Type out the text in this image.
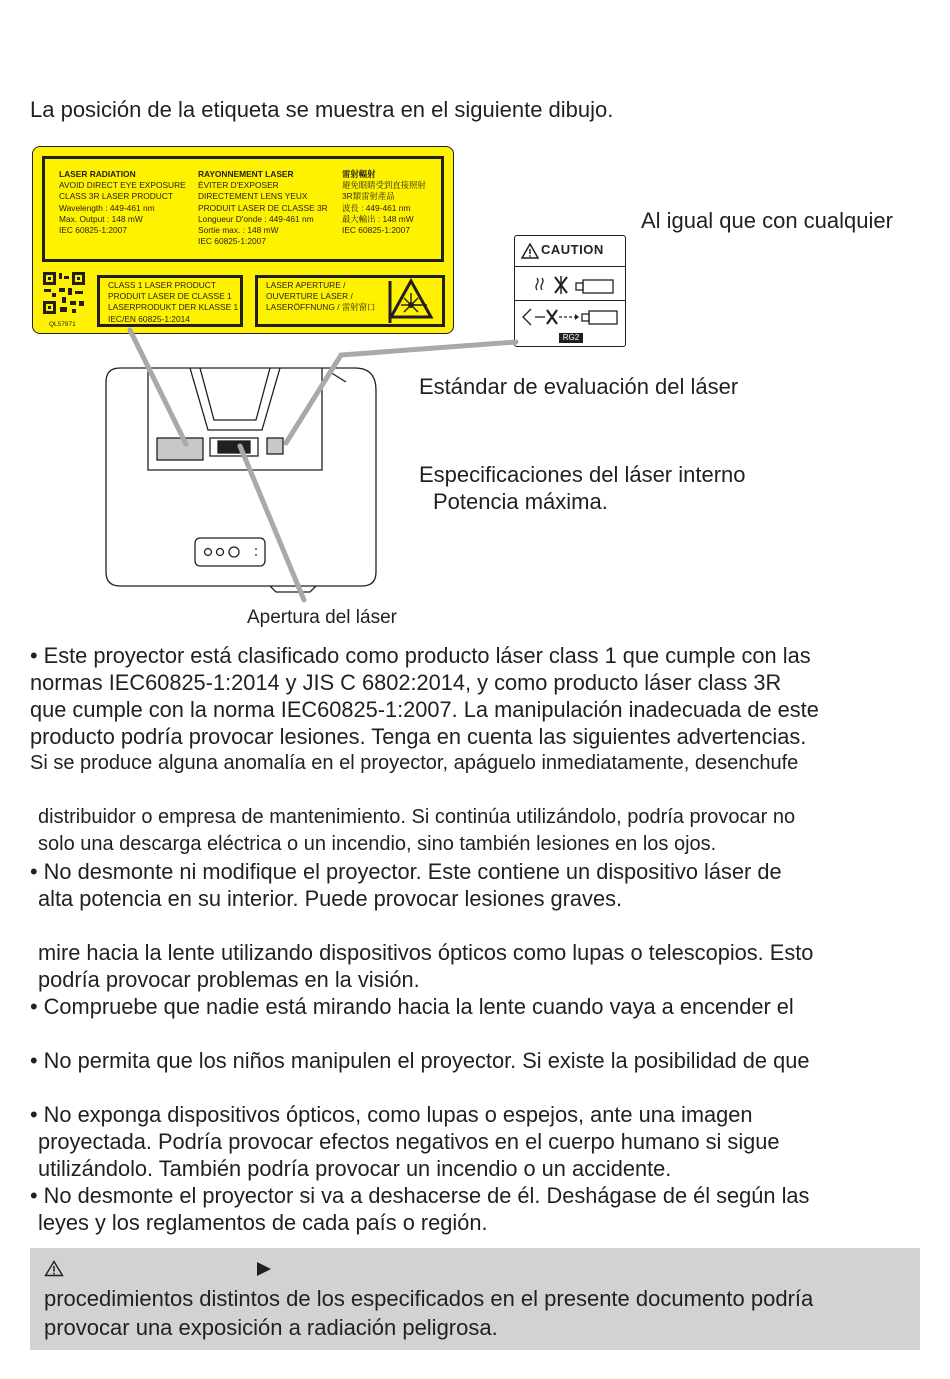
La posición de la etiqueta se muestra en el siguiente dibujo.
LASER RADIATION
AVOID DIRECT EYE EXPOSURE
CLASS 3R LASER PRODUCT
Wavelength : 449-461 nm
Max. Output : 148 mW
IEC 60825-1:2007
RAYONNEMENT LASER
ÉVITER D'EXPOSER
DIRECTEMENT LENS YEUX
PRODUIT LASER DE CLASSE 3R
Longueur D'onde : 449-461 nm
Sortie max. : 148 mW
IEC 60825-1:2007
雷射輻射
避免眼睛受到直接照射
3R類雷射產品
波長 : 449-461 nm
最大輸出 : 148 mW
IEC 60825-1:2007
QL57971
CLASS 1 LASER PRODUCT
PRODUIT LASER DE CLASSE 1
LASERPRODUKT DER KLASSE 1
IEC/EN 60825-1:2014
LASER APERTURE /
OUVERTURE LASER /
LASERÖFFNUNG / 雷射窗口
CAUTION
RG2
Al igual que con cualquier
Estándar de evaluación del láser
Especificaciones del láser interno
Potencia máxima.
Apertura del láser
• Este proyector está clasificado como producto láser class 1 que cumple con las
normas IEC60825-1:2014 y JIS C 6802:2014, y como producto láser class 3R
que cumple con la norma IEC60825-1:2007. La manipulación inadecuada de este
producto podría provocar lesiones. Tenga en cuenta las siguientes advertencias.
Si se produce alguna anomalía en el proyector, apáguelo inmediatamente, desenchufe
distribuidor o empresa de mantenimiento. Si continúa utilizándolo, podría provocar no
solo una descarga eléctrica o un incendio, sino también lesiones en los ojos.
• No desmonte ni modifique el proyector. Este contiene un dispositivo láser de
alta potencia en su interior. Puede provocar lesiones graves.
mire hacia la lente utilizando dispositivos ópticos como lupas o telescopios. Esto
podría provocar problemas en la visión.
• Compruebe que nadie está mirando hacia la lente cuando vaya a encender el
• No permita que los niños manipulen el proyector. Si existe la posibilidad de que
• No exponga dispositivos ópticos, como lupas o espejos, ante una imagen
proyectada. Podría provocar efectos negativos en el cuerpo humano si sigue
utilizándolo. También podría provocar un incendio o un accidente.
• No desmonte el proyector si va a deshacerse de él. Deshágase de él según las
leyes y los reglamentos de cada país o región.
procedimientos distintos de los especificados en el presente documento podría
provocar una exposición a radiación peligrosa.
